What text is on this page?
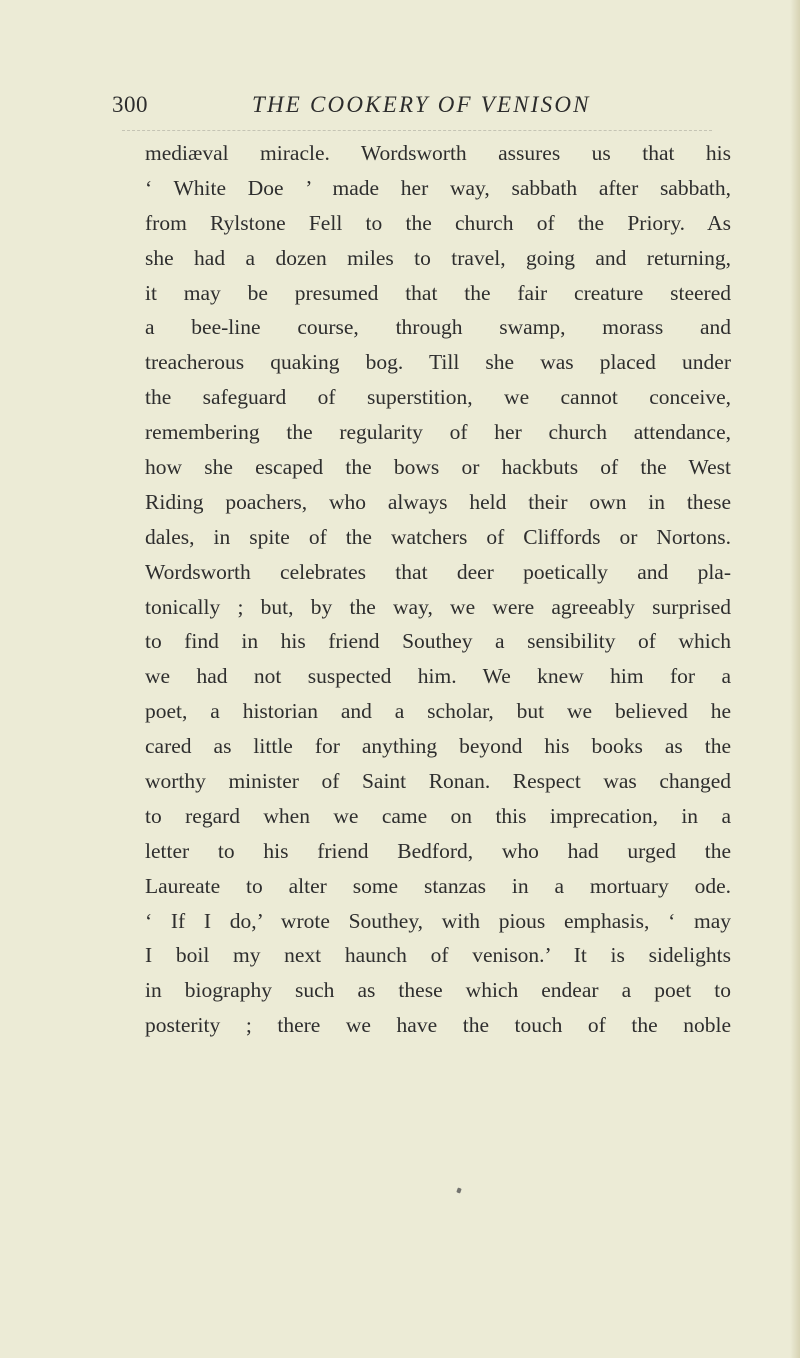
300	THE COOKERY OF VENISON
mediæval miracle. Wordsworth assures us that his
‘ White Doe ’ made her way, sabbath after sabbath,
from Rylstone Fell to the church of the Priory. As
she had a dozen miles to travel, going and returning,
it may be presumed that the fair creature steered
a bee-line course, through swamp, morass and
treacherous quaking bog. Till she was placed under
the safeguard of superstition, we cannot conceive,
remembering the regularity of her church attendance,
how she escaped the bows or hackbuts of the West
Riding poachers, who always held their own in these
dales, in spite of the watchers of Cliffords or Nortons.
Wordsworth celebrates that deer poetically and pla-
tonically ; but, by the way, we were agreeably surprised
to find in his friend Southey a sensibility of which
we had not suspected him. We knew him for a
poet, a historian and a scholar, but we believed he
cared as little for anything beyond his books as the
worthy minister of Saint Ronan. Respect was changed
to regard when we came on this imprecation, in a
letter to his friend Bedford, who had urged the
Laureate to alter some stanzas in a mortuary ode.
‘ If I do,’ wrote Southey, with pious emphasis, ‘ may
I boil my next haunch of venison.’ It is sidelights
in biography such as these which endear a poet to
posterity ; there we have the touch of the noble
